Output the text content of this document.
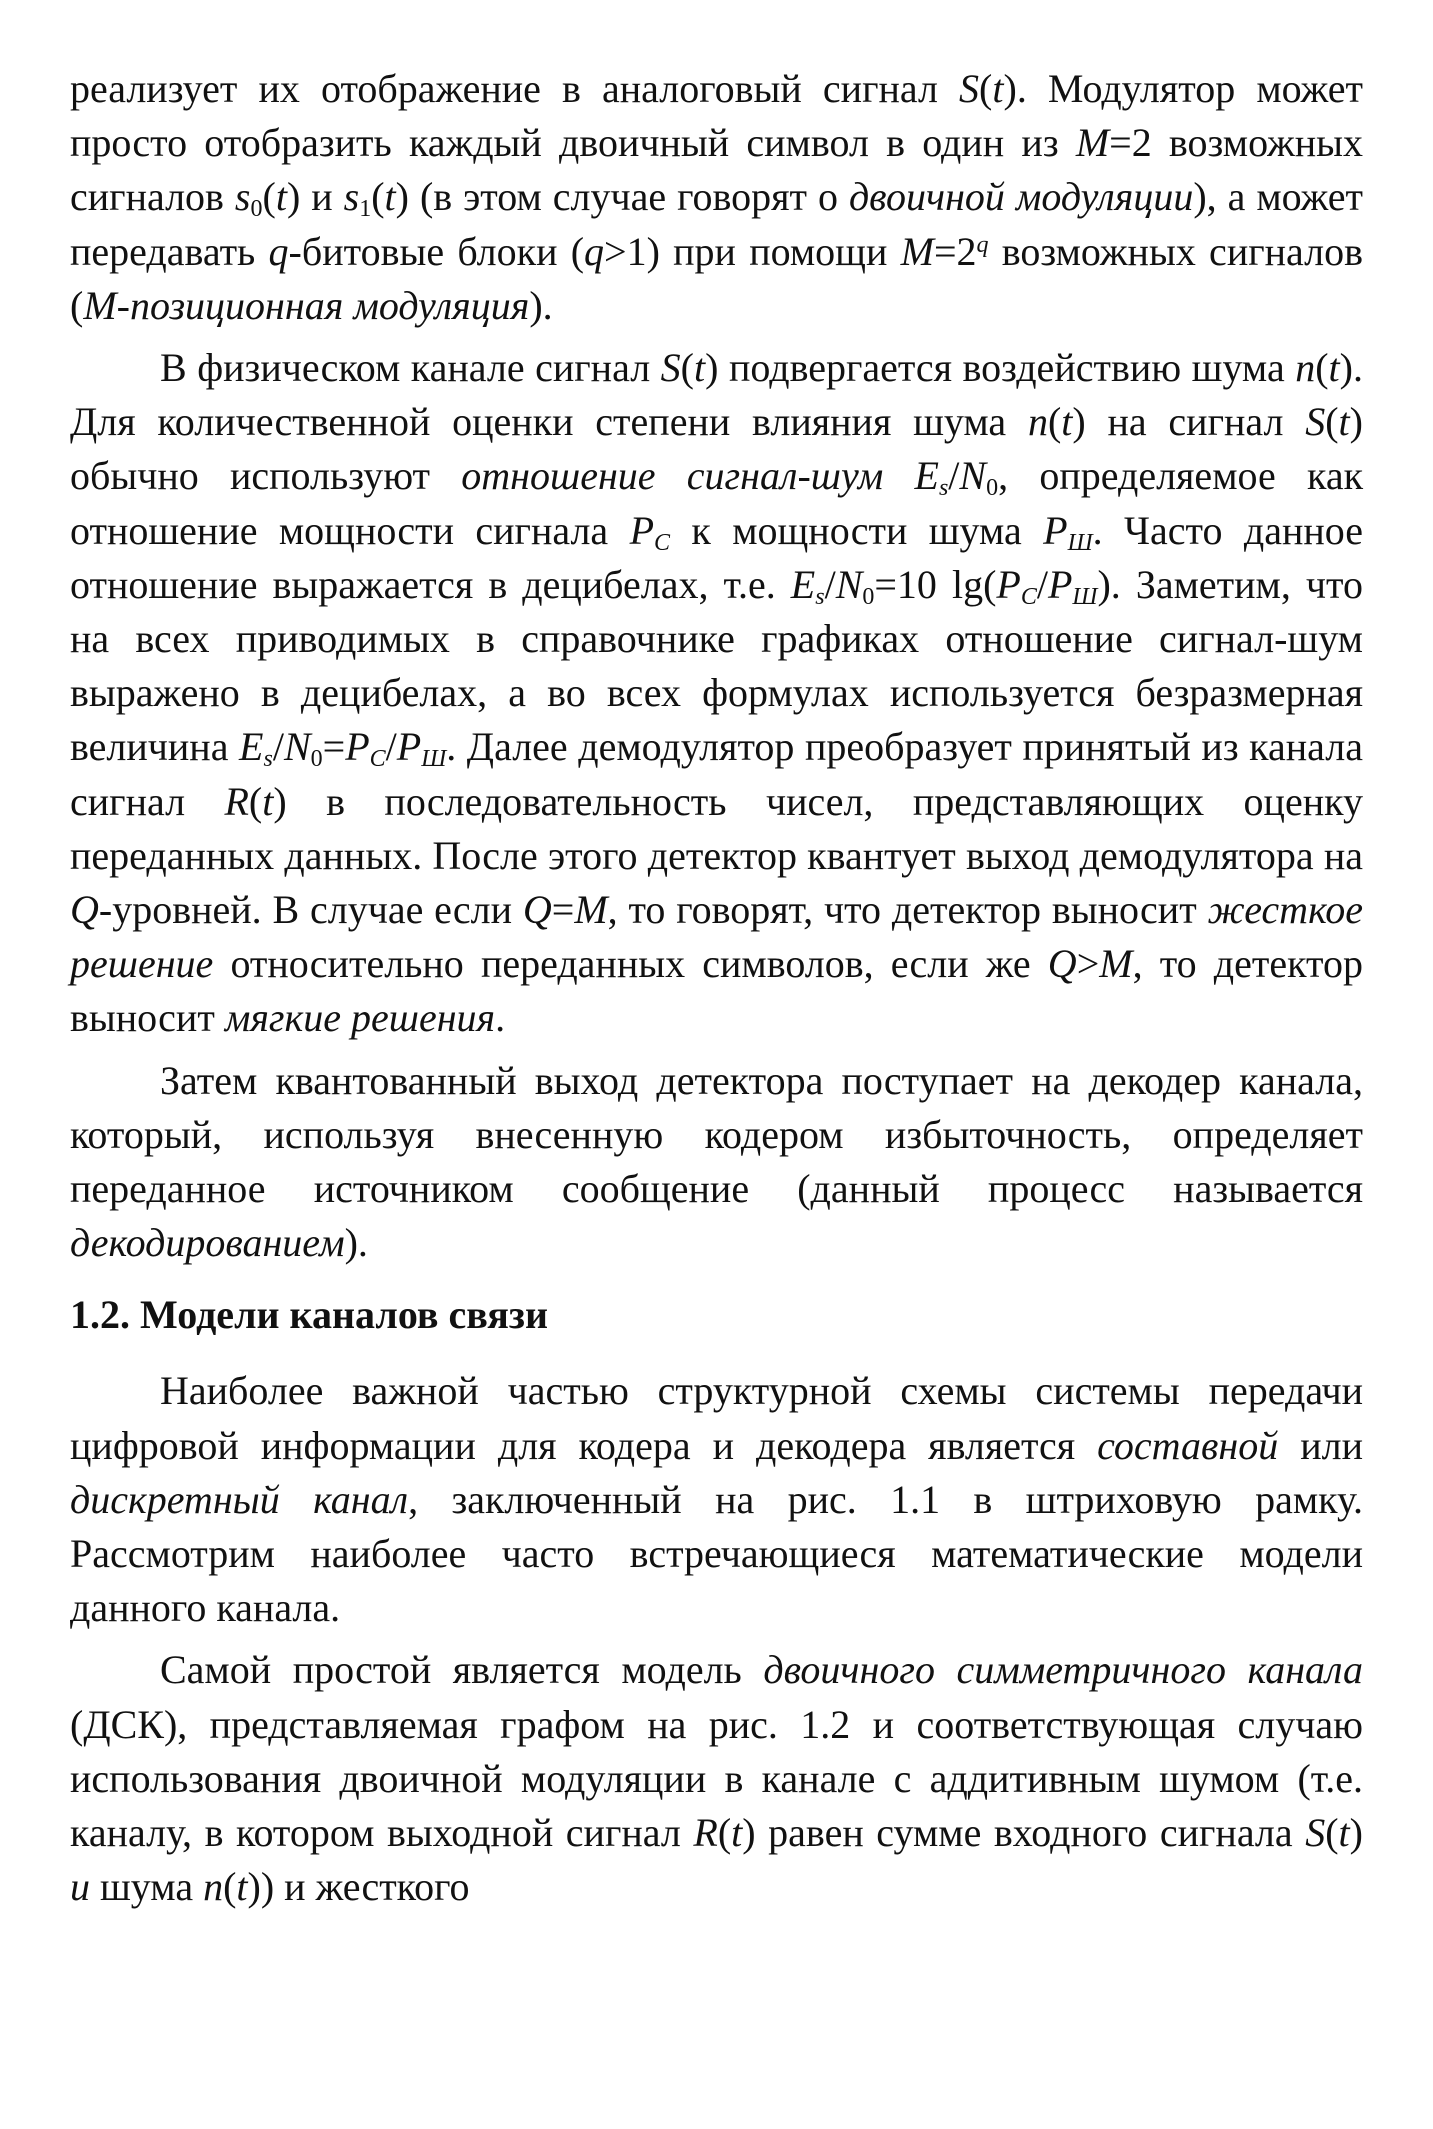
реализует их отображение в аналоговый сигнал S(t). Модулятор может просто отобразить каждый двоичный символ в один из M=2 возможных сигналов $s_0(t)$ и $s_1(t)$ (в этом случае говорят о двоичной модуляции), а может передавать q-битовые блоки (q>1) при помощи $M=2^q$ возможных сигналов (М-позиционная модуляция).

В физическом канале сигнал S(t) подвергается воздействию шума n(t). Для количественной оценки степени влияния шума n(t) на сигнал S(t) обычно используют отношение сигнал-шум $E_s/N_0$, определяемое как отношение мощности сигнала $P_C$ к мощности шума $P_Ш$. Часто данное отношение выражается в децибелах, т.е. $E_s/N_0=10$ $\lg(P_C/P_Ш)$. Заметим, что на всех приводимых в справочнике графиках отношение сигнал-шум выражено в децибелах, а во всех формулах используется безразмерная величина $E_s/N_0=P_C/P_Ш$. Далее демодулятор преобразует принятый из канала сигнал R(t) в последовательность чисел, представляющих оценку переданных данных. После этого детектор квантует выход демодулятора на Q-уровней. В случае если Q=M, то говорят, что детектор выносит жесткое решение относительно переданных символов, если же Q>M, то детектор выносит мягкие решения.

Затем квантованный выход детектора поступает на декодер канала, который, используя внесенную кодером избыточность, определяет переданное источником сообщение (данный процесс называется декодированием).

1.2. Модели каналов связи

Наиболее важной частью структурной схемы системы передачи цифровой информации для кодера и декодера является составной или дискретный канал, заключенный на рис. 1.1 в штриховую рамку. Рассмотрим наиболее часто встречающиеся математические модели данного канала.

Самой простой является модель двоичного симметричного канала (ДСК), представляемая графом на рис. 1.2 и соответствующая случаю использования двоичной модуляции в канале с аддитивным шумом (т.е. каналу, в котором выходной сигнал R(t) равен сумме входного сигнала S(t) и шума n(t)) и жесткого
